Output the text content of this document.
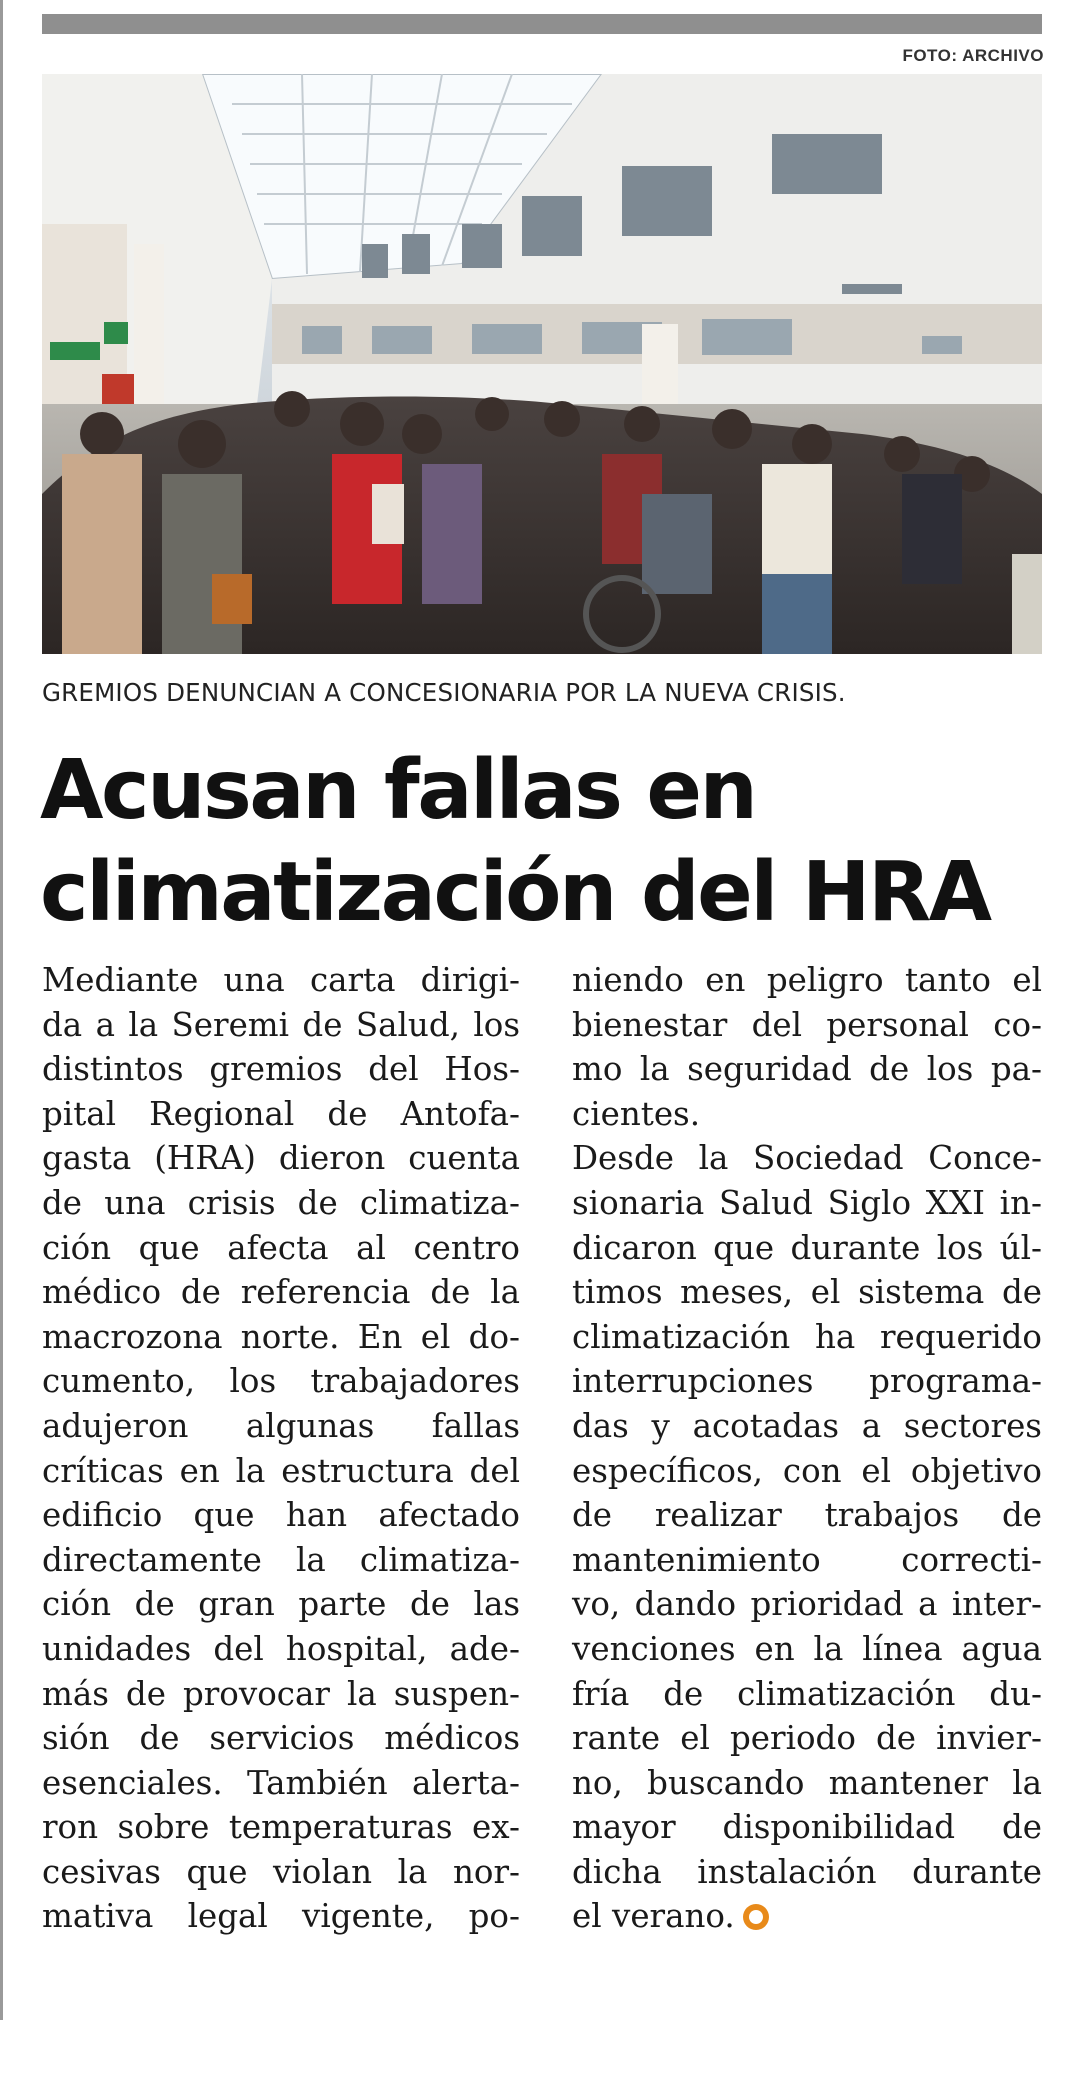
FOTO: ARCHIVO
GREMIOS DENUNCIAN A CONCESIONARIA POR LA NUEVA CRISIS.
Acusan fallas en
climatización del HRA
Mediante una carta dirigi-
da a la Seremi de Salud, los
distintos gremios del Hos-
pital Regional de Antofa-
gasta (HRA) dieron cuenta
de una crisis de climatiza-
ción que afecta al centro
médico de referencia de la
macrozona norte. En el do-
cumento, los trabajadores
adujeron algunas fallas
críticas en la estructura del
edificio que han afectado
directamente la climatiza-
ción de gran parte de las
unidades del hospital, ade-
más de provocar la suspen-
sión de servicios médicos
esenciales. También alerta-
ron sobre temperaturas ex-
cesivas que violan la nor-
mativa legal vigente, po-
niendo en peligro tanto el
bienestar del personal co-
mo la seguridad de los pa-
cientes.
Desde la Sociedad Conce-
sionaria Salud Siglo XXI in-
dicaron que durante los úl-
timos meses, el sistema de
climatización ha requerido
interrupciones programa-
das y acotadas a sectores
específicos, con el objetivo
de realizar trabajos de
mantenimiento correcti-
vo, dando prioridad a inter-
venciones en la línea agua
fría de climatización du-
rante el periodo de invier-
no, buscando mantener la
mayor disponibilidad de
dicha instalación durante
el verano.
